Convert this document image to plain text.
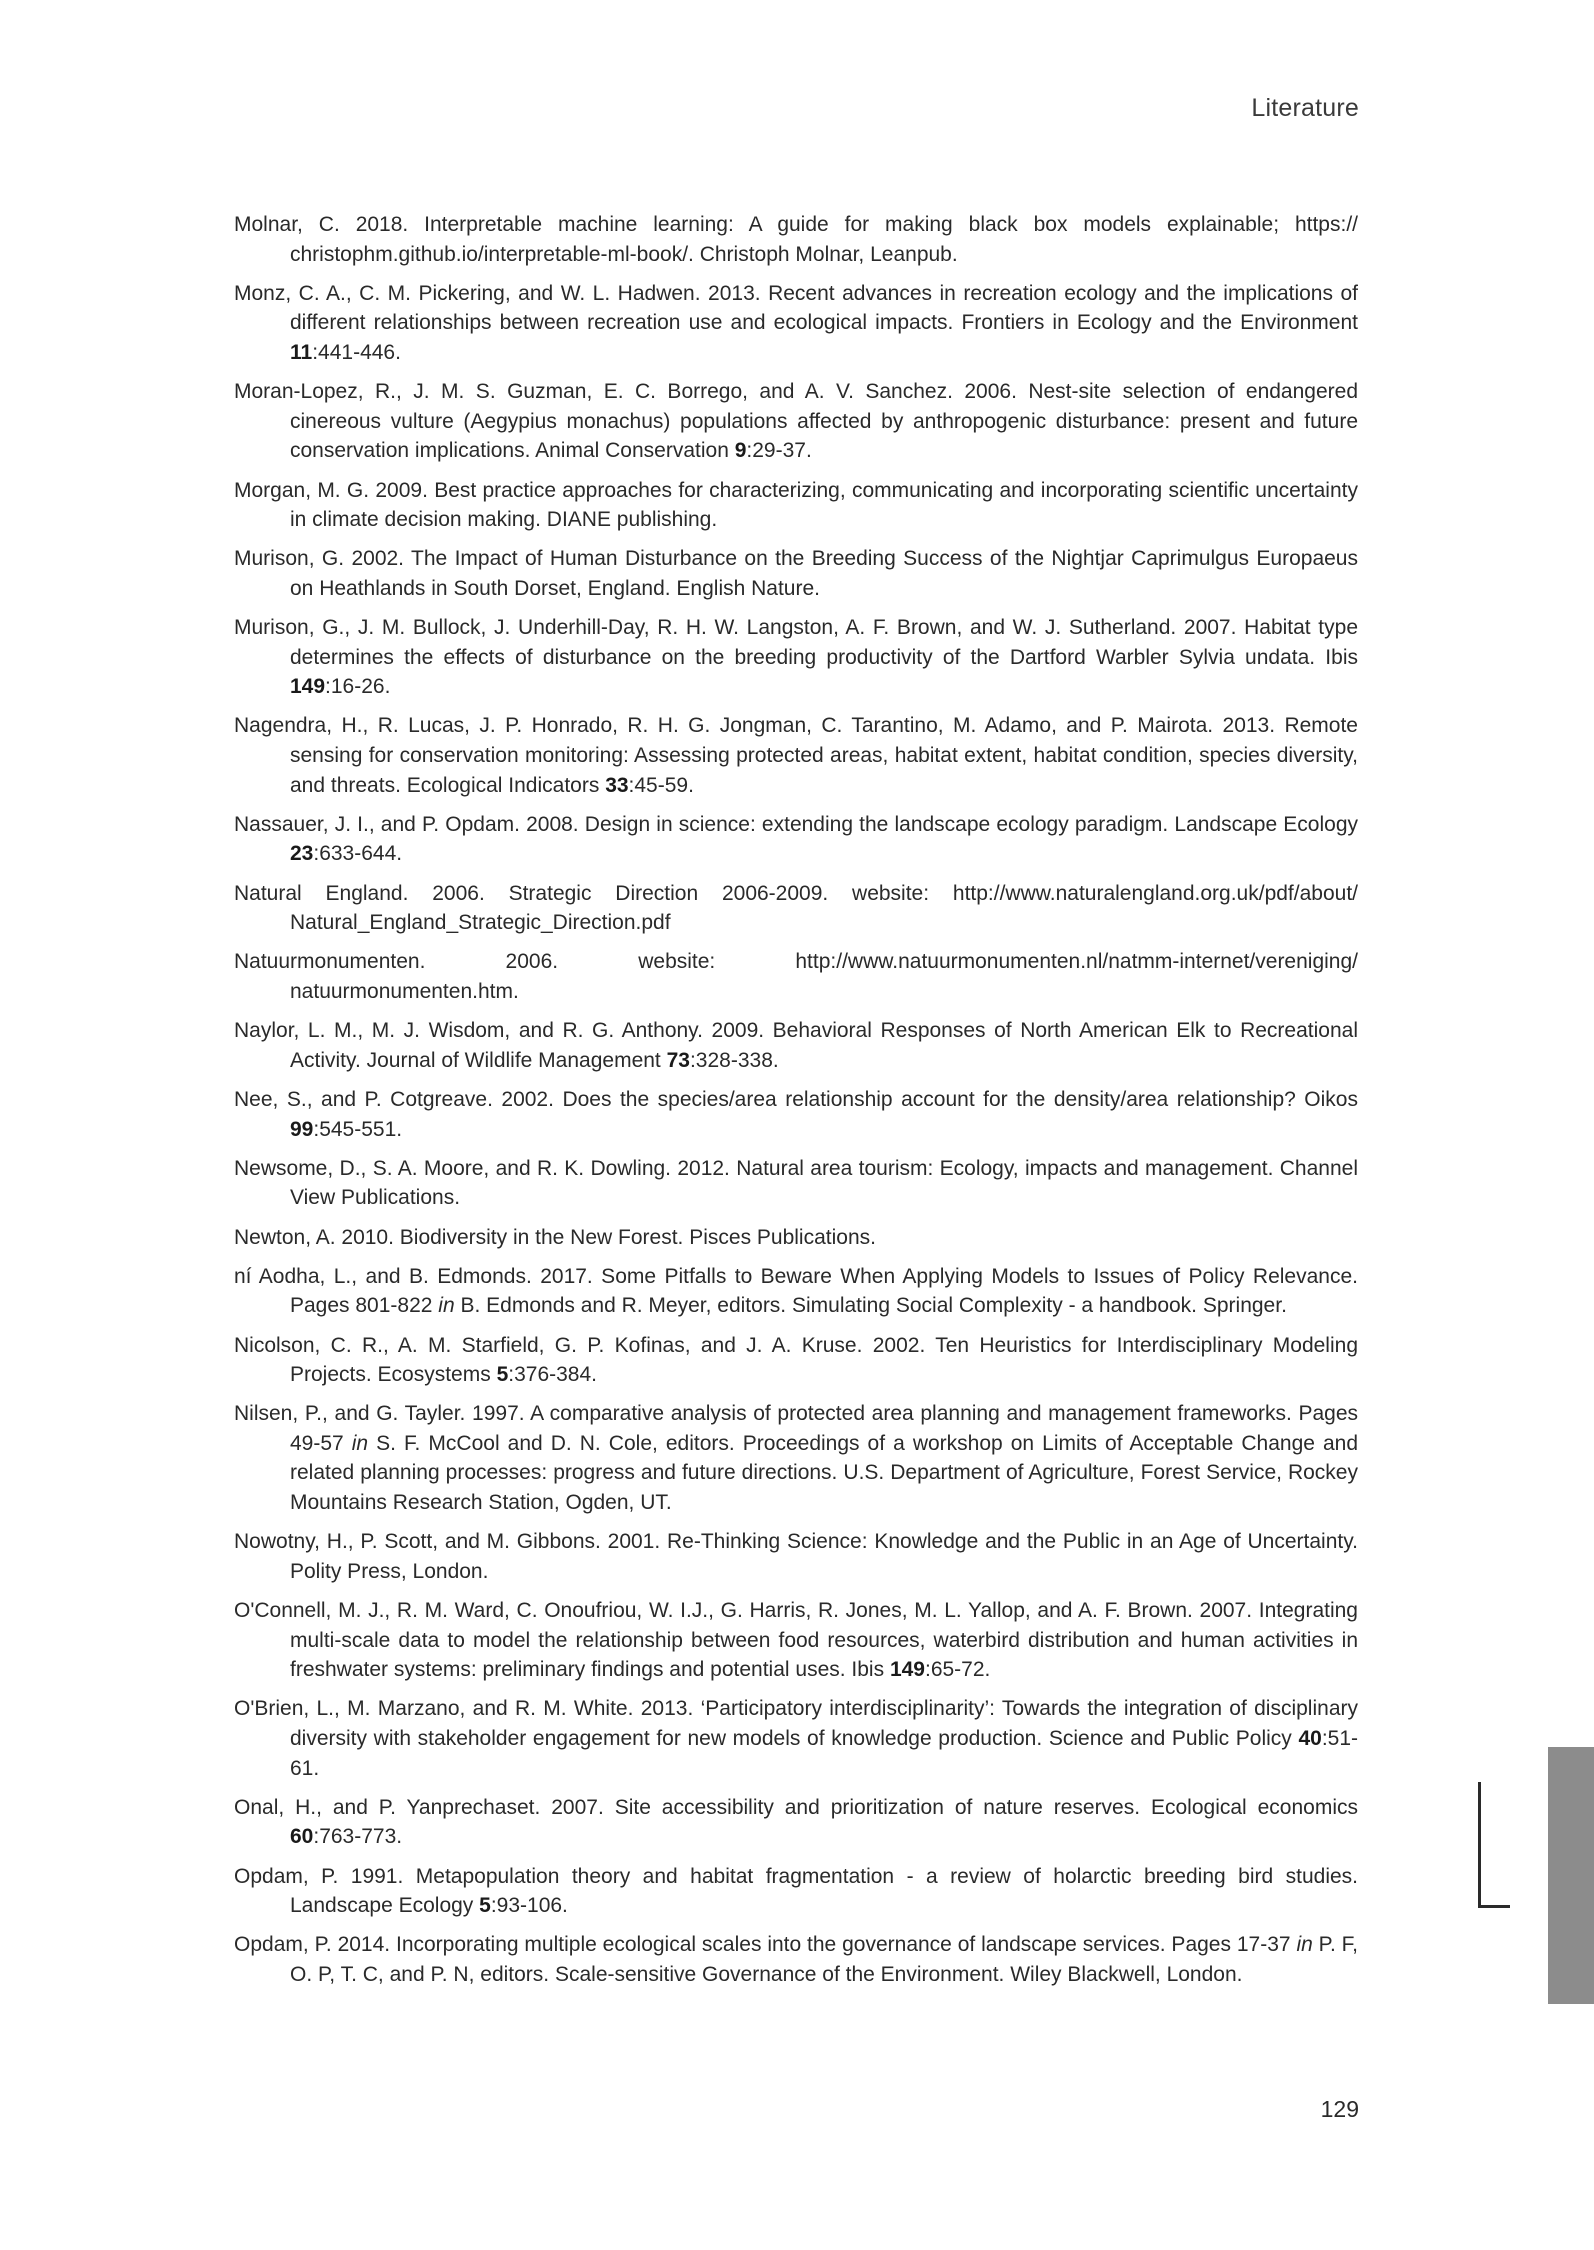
Literature

Molnar, C. 2018. Interpretable machine learning: A guide for making black box models explainable; https:// christophm.github.io/interpretable-ml-book/. Christoph Molnar, Leanpub.

Monz, C. A., C. M. Pickering, and W. L. Hadwen. 2013. Recent advances in recreation ecology and the implications of different relationships between recreation use and ecological impacts. Frontiers in Ecology and the Environment 11:441-446.

Moran-Lopez, R., J. M. S. Guzman, E. C. Borrego, and A. V. Sanchez. 2006. Nest-site selection of endangered cinereous vulture (Aegypius monachus) populations affected by anthropogenic disturbance: present and future conservation implications. Animal Conservation 9:29-37.

Morgan, M. G. 2009. Best practice approaches for characterizing, communicating and incorporating scientific uncertainty in climate decision making. DIANE publishing.

Murison, G. 2002. The Impact of Human Disturbance on the Breeding Success of the Nightjar Caprimulgus Europaeus on Heathlands in South Dorset, England. English Nature.

Murison, G., J. M. Bullock, J. Underhill-Day, R. H. W. Langston, A. F. Brown, and W. J. Sutherland. 2007. Habitat type determines the effects of disturbance on the breeding productivity of the Dartford Warbler Sylvia undata. Ibis 149:16-26.

Nagendra, H., R. Lucas, J. P. Honrado, R. H. G. Jongman, C. Tarantino, M. Adamo, and P. Mairota. 2013. Remote sensing for conservation monitoring: Assessing protected areas, habitat extent, habitat condition, species diversity, and threats. Ecological Indicators 33:45-59.

Nassauer, J. I., and P. Opdam. 2008. Design in science: extending the landscape ecology paradigm. Landscape Ecology 23:633-644.

Natural England. 2006. Strategic Direction 2006-2009. website: http://www.naturalengland.org.uk/pdf/about/ Natural_England_Strategic_Direction.pdf

Natuurmonumenten. 2006. website: http://www.natuurmonumenten.nl/natmm-internet/vereniging/ natuurmonumenten.htm.

Naylor, L. M., M. J. Wisdom, and R. G. Anthony. 2009. Behavioral Responses of North American Elk to Recreational Activity. Journal of Wildlife Management 73:328-338.

Nee, S., and P. Cotgreave. 2002. Does the species/area relationship account for the density/area relationship? Oikos 99:545-551.

Newsome, D., S. A. Moore, and R. K. Dowling. 2012. Natural area tourism: Ecology, impacts and management. Channel View Publications.

Newton, A. 2010. Biodiversity in the New Forest. Pisces Publications.

ní Aodha, L., and B. Edmonds. 2017. Some Pitfalls to Beware When Applying Models to Issues of Policy Relevance. Pages 801-822 in B. Edmonds and R. Meyer, editors. Simulating Social Complexity - a handbook. Springer.

Nicolson, C. R., A. M. Starfield, G. P. Kofinas, and J. A. Kruse. 2002. Ten Heuristics for Interdisciplinary Modeling Projects. Ecosystems 5:376-384.

Nilsen, P., and G. Tayler. 1997. A comparative analysis of protected area planning and management frameworks. Pages 49-57 in S. F. McCool and D. N. Cole, editors. Proceedings of a workshop on Limits of Acceptable Change and related planning processes: progress and future directions. U.S. Department of Agriculture, Forest Service, Rockey Mountains Research Station, Ogden, UT.

Nowotny, H., P. Scott, and M. Gibbons. 2001. Re-Thinking Science: Knowledge and the Public in an Age of Uncertainty. Polity Press, London.

O'Connell, M. J., R. M. Ward, C. Onoufriou, W. I.J., G. Harris, R. Jones, M. L. Yallop, and A. F. Brown. 2007. Integrating multi-scale data to model the relationship between food resources, waterbird distribution and human activities in freshwater systems: preliminary findings and potential uses. Ibis 149:65-72.

O'Brien, L., M. Marzano, and R. M. White. 2013. ‘Participatory interdisciplinarity’: Towards the integration of disciplinary diversity with stakeholder engagement for new models of knowledge production. Science and Public Policy 40:51-61.

Onal, H., and P. Yanprechaset. 2007. Site accessibility and prioritization of nature reserves. Ecological economics 60:763-773.

Opdam, P. 1991. Metapopulation theory and habitat fragmentation - a review of holarctic breeding bird studies. Landscape Ecology 5:93-106.

Opdam, P. 2014. Incorporating multiple ecological scales into the governance of landscape services. Pages 17-37 in P. F, O. P, T. C, and P. N, editors. Scale-sensitive Governance of the Environment. Wiley Blackwell, London.

129
